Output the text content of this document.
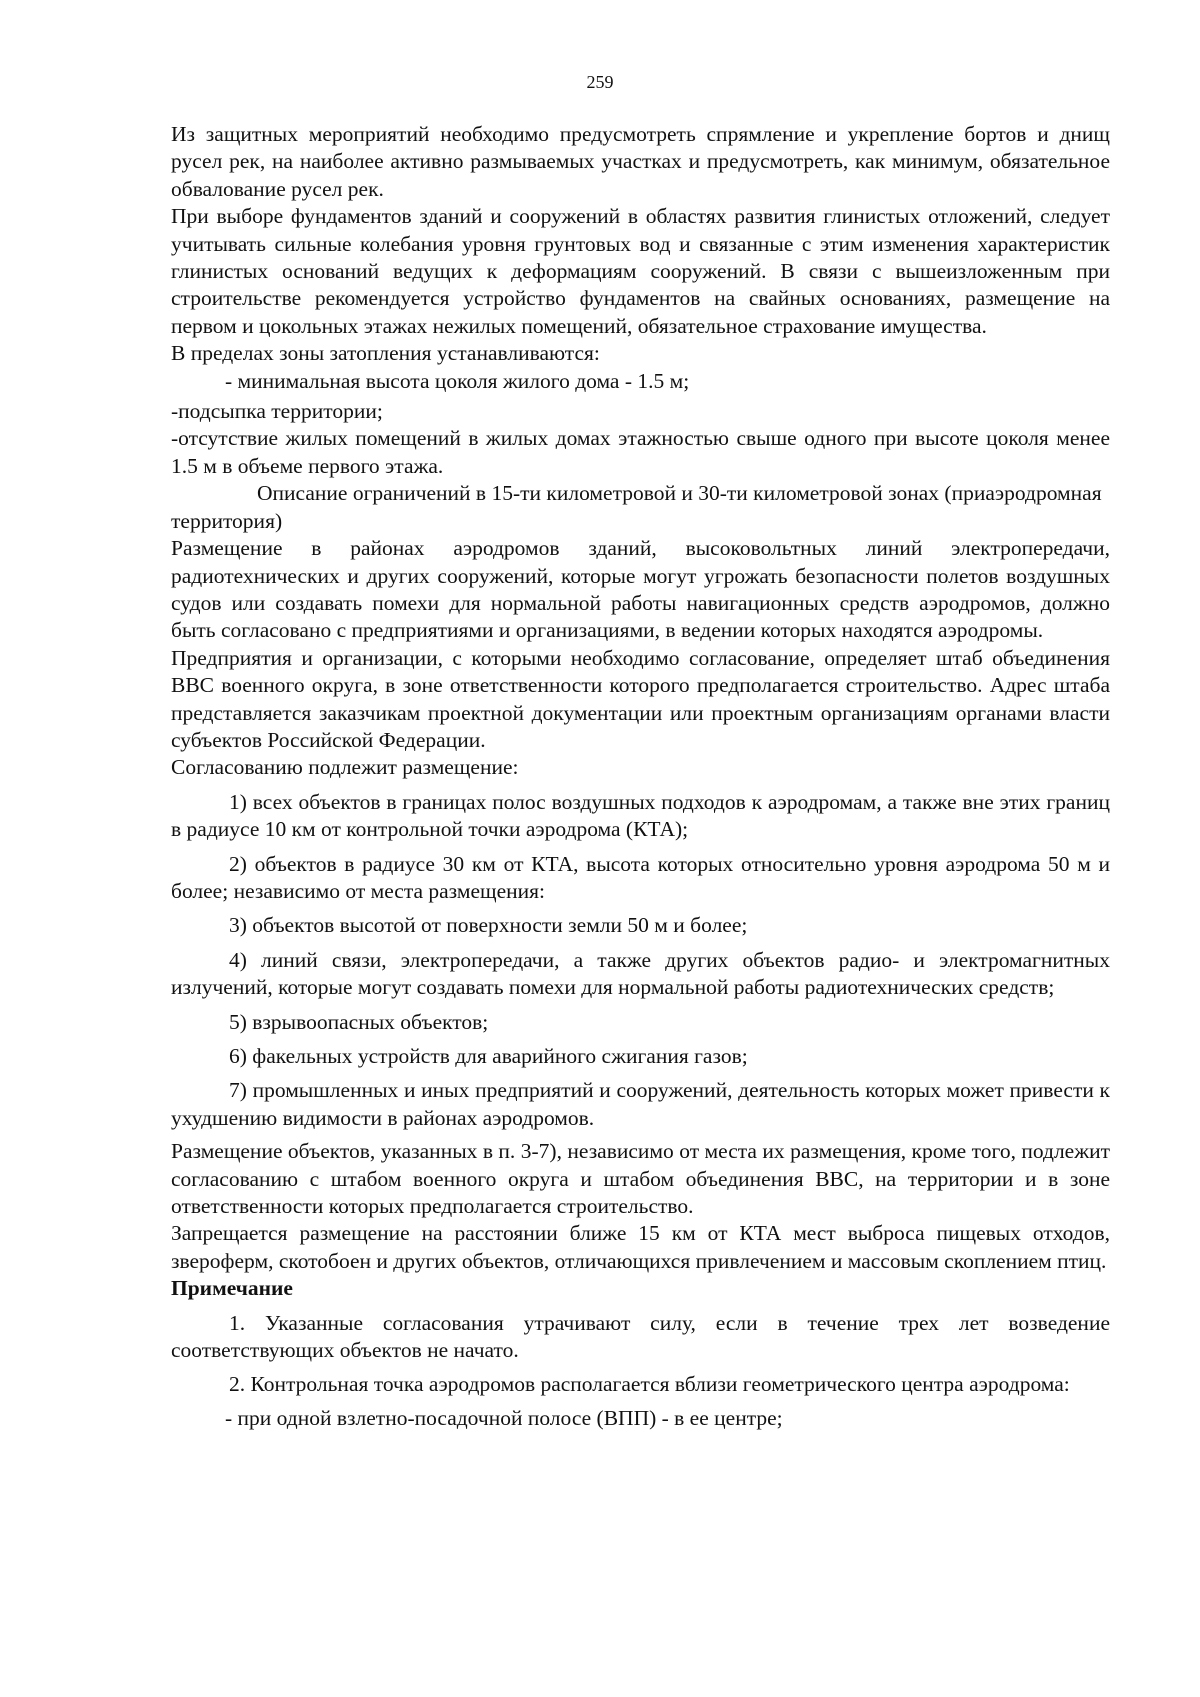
259

Из защитных мероприятий необходимо предусмотреть спрямление и укрепление бортов и днищ русел рек, на наиболее активно размываемых участках и предусмотреть, как минимум, обязательное обвалование русел рек.

При выборе фундаментов зданий и сооружений в областях развития глинистых отложений, следует учитывать сильные колебания уровня грунтовых вод и связанные с этим изменения характеристик глинистых оснований ведущих к деформациям сооружений. В связи с вышеизложенным при строительстве рекомендуется устройство фундаментов на свайных основаниях, размещение на первом и цокольных этажах нежилых помещений, обязательное страхование имущества.

В пределах зоны затопления устанавливаются:

- минимальная высота цоколя жилого дома - 1.5 м;

-подсыпка территории;

-отсутствие жилых помещений в жилых домах этажностью свыше одного при высоте цоколя менее 1.5 м в объеме первого этажа.

Описание ограничений в 15-ти километровой и 30-ти километровой зонах (приаэродромная территория)

Размещение в районах аэродромов зданий, высоковольтных линий электропередачи, радиотехнических и других сооружений, которые могут угрожать безопасности полетов воздушных судов или создавать помехи для нормальной работы навигационных средств аэродромов, должно быть согласовано с предприятиями и организациями, в ведении которых находятся аэродромы.

Предприятия и организации, с которыми необходимо согласование, определяет штаб объединения ВВС военного округа, в зоне ответственности которого предполагается строительство. Адрес штаба представляется заказчикам проектной документации или проектным организациям органами власти субъектов Российской Федерации.

Согласованию подлежит размещение:

1) всех объектов в границах полос воздушных подходов к аэродромам, а также вне этих границ в радиусе 10 км от контрольной точки аэродрома (КТА);

2) объектов в радиусе 30 км от КТА, высота которых относительно уровня аэродрома 50 м и более; независимо от места размещения:

3) объектов высотой от поверхности земли 50 м и более;

4) линий связи, электропередачи, а также других объектов радио- и электромагнитных излучений, которые могут создавать помехи для нормальной работы радиотехнических средств;

5) взрывоопасных объектов;

6) факельных устройств для аварийного сжигания газов;

7) промышленных и иных предприятий и сооружений, деятельность которых может привести к ухудшению видимости в районах аэродромов.

Размещение объектов, указанных в п. 3-7), независимо от места их размещения, кроме того, подлежит согласованию с штабом военного округа и штабом объединения ВВС, на территории и в зоне ответственности которых предполагается строительство.

Запрещается размещение на расстоянии ближе 15 км от КТА мест выброса пищевых отходов, звероферм, скотобоен и других объектов, отличающихся привлечением и массовым скоплением птиц.

Примечание

1. Указанные согласования утрачивают силу, если в течение трех лет возведение соответствующих объектов не начато.

2. Контрольная точка аэродромов располагается вблизи геометрического центра аэродрома:

- при одной взлетно-посадочной полосе (ВПП) - в ее центре;
